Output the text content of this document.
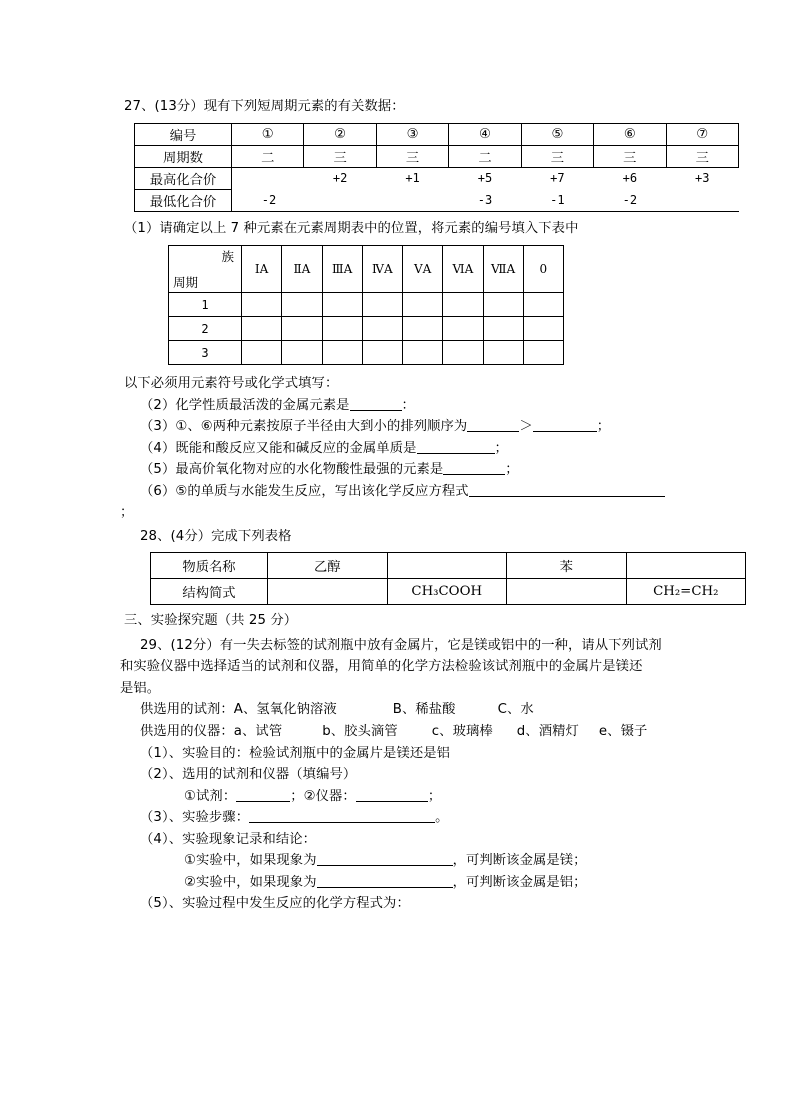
27、(13分）现有下列短周期元素的有关数据：
编号	①	②	③	④	⑤	⑥	⑦
周期数	二	三	三	二	三	三	三
最高化合价		+2	+1	+5	+7	+6	+3
最低化合价	-2			-3	-1	-2	
（1）请确定以上 7 种元素在元素周期表中的位置，将元素的编号填入下表中
族
周期	ⅠA	ⅡA	ⅢA	ⅣA	ⅤA	ⅥA	ⅦA	0
1								
2								
3								
以下必须用元素符号或化学式填写：
（2）化学性质最活泼的金属元素是	：
（3）①、⑥两种元素按原子半径由大到小的排列顺序为	＞	；
（4）既能和酸反应又能和碱反应的金属单质是	；
（5）最高价氧化物对应的水化物酸性最强的元素是	；
（6）⑤的单质与水能发生反应，写出该化学反应方程式
；
28、(4分）完成下列表格
物质名称	乙醇		苯	
结构简式		CH₃COOH		CH₂=CH₂
三、实验探究题（共 25 分）
29、(12分）有一失去标签的试剂瓶中放有金属片，它是镁或铝中的一种，请从下列试剂
和实验仪器中选择适当的试剂和仪器，用简单的化学方法检验该试剂瓶中的金属片是镁还
是铝。
供选用的试剂：A、氢氧化钠溶液	B、稀盐酸	C、水
供选用的仪器：a、试管	b、胶头滴管	c、玻璃棒 d、酒精灯 e、镊子
（1）、实验目的：检验试剂瓶中的金属片是镁还是铝
（2）、选用的试剂和仪器（填编号）
①试剂：	；②仪器：	；
（3）、实验步骤：	。
（4）、实验现象记录和结论：
①实验中，如果现象为	，可判断该金属是镁；
②实验中，如果现象为	，可判断该金属是铝；
（5）、实验过程中发生反应的化学方程式为：
